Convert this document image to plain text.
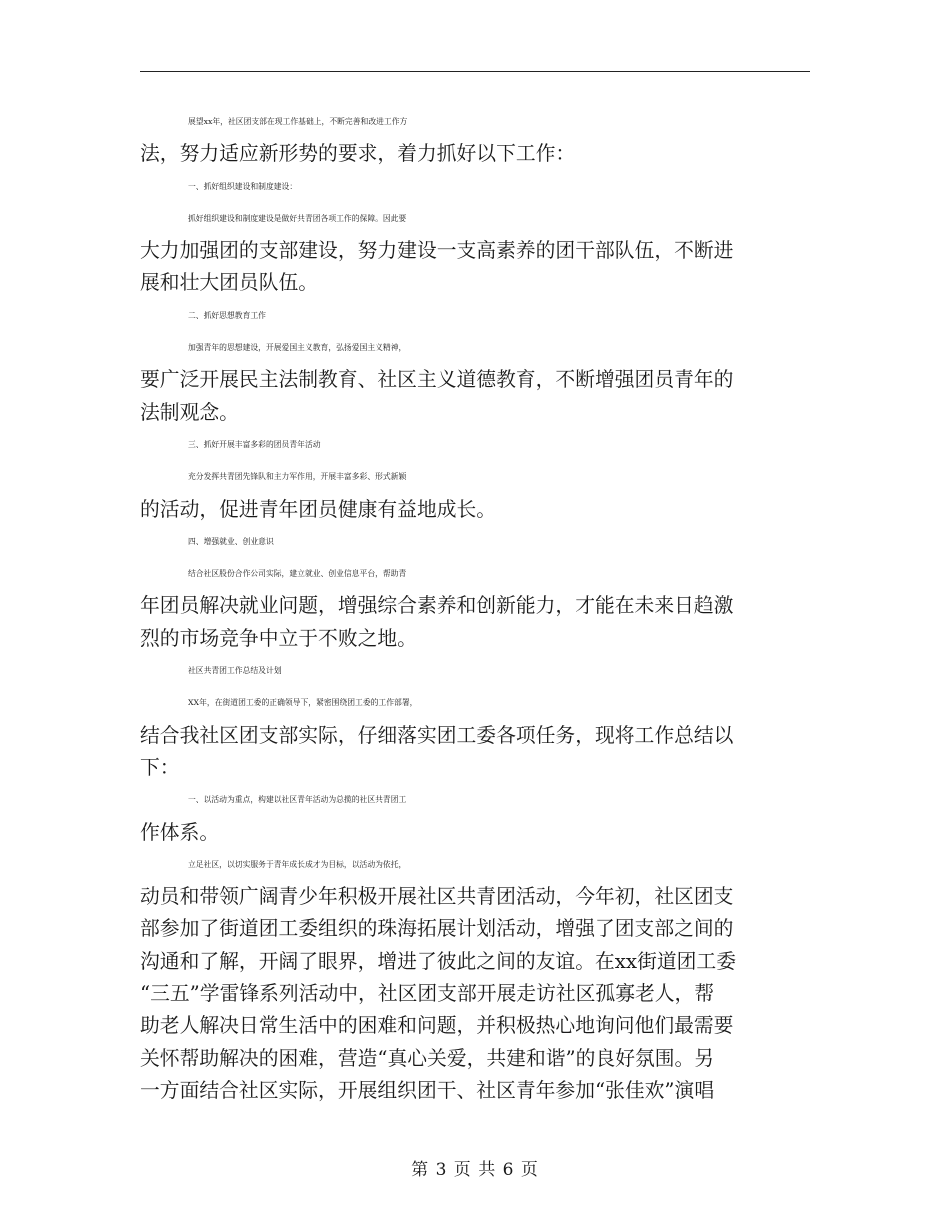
展望xx年，社区团支部在现工作基础上，不断完善和改进工作方
法，努力适应新形势的要求，着力抓好以下工作：
一、抓好组织建设和制度建设：
抓好组织建设和制度建设是做好共青团各项工作的保障。因此要
大力加强团的支部建设，努力建设一支高素养的团干部队伍，不断进
展和壮大团员队伍。
二、抓好思想教育工作
加强青年的思想建设，开展爱国主义教育，弘扬爱国主义精神，
要广泛开展民主法制教育、社区主义道德教育，不断增强团员青年的
法制观念。
三、抓好开展丰富多彩的团员青年活动
充分发挥共青团先锋队和主力军作用，开展丰富多彩、形式新颖
的活动，促进青年团员健康有益地成长。
四、增强就业、创业意识
结合社区股份合作公司实际，建立就业、创业信息平台，帮助青
年团员解决就业问题，增强综合素养和创新能力，才能在未来日趋激
烈的市场竞争中立于不败之地。
社区共青团工作总结及计划
XX年，在街道团工委的正确领导下，紧密围绕团工委的工作部署，
结合我社区团支部实际，仔细落实团工委各项任务，现将工作总结以
下：
一、以活动为重点，构建以社区青年活动为总揽的社区共青团工
作体系。
立足社区，以切实服务于青年成长成才为目标，以活动为依托，
动员和带领广阔青少年积极开展社区共青团活动，今年初，社区团支
部参加了街道团工委组织的珠海拓展计划活动，增强了团支部之间的
沟通和了解，开阔了眼界，增进了彼此之间的友谊。在xx街道团工委
“三五”学雷锋系列活动中，社区团支部开展走访社区孤寡老人，帮
助老人解决日常生活中的困难和问题，并积极热心地询问他们最需要
关怀帮助解决的困难，营造“真心关爱，共建和谐”的良好氛围。另
一方面结合社区实际，开展组织团干、社区青年参加“张佳欢”演唱
第 3 页 共 6 页
